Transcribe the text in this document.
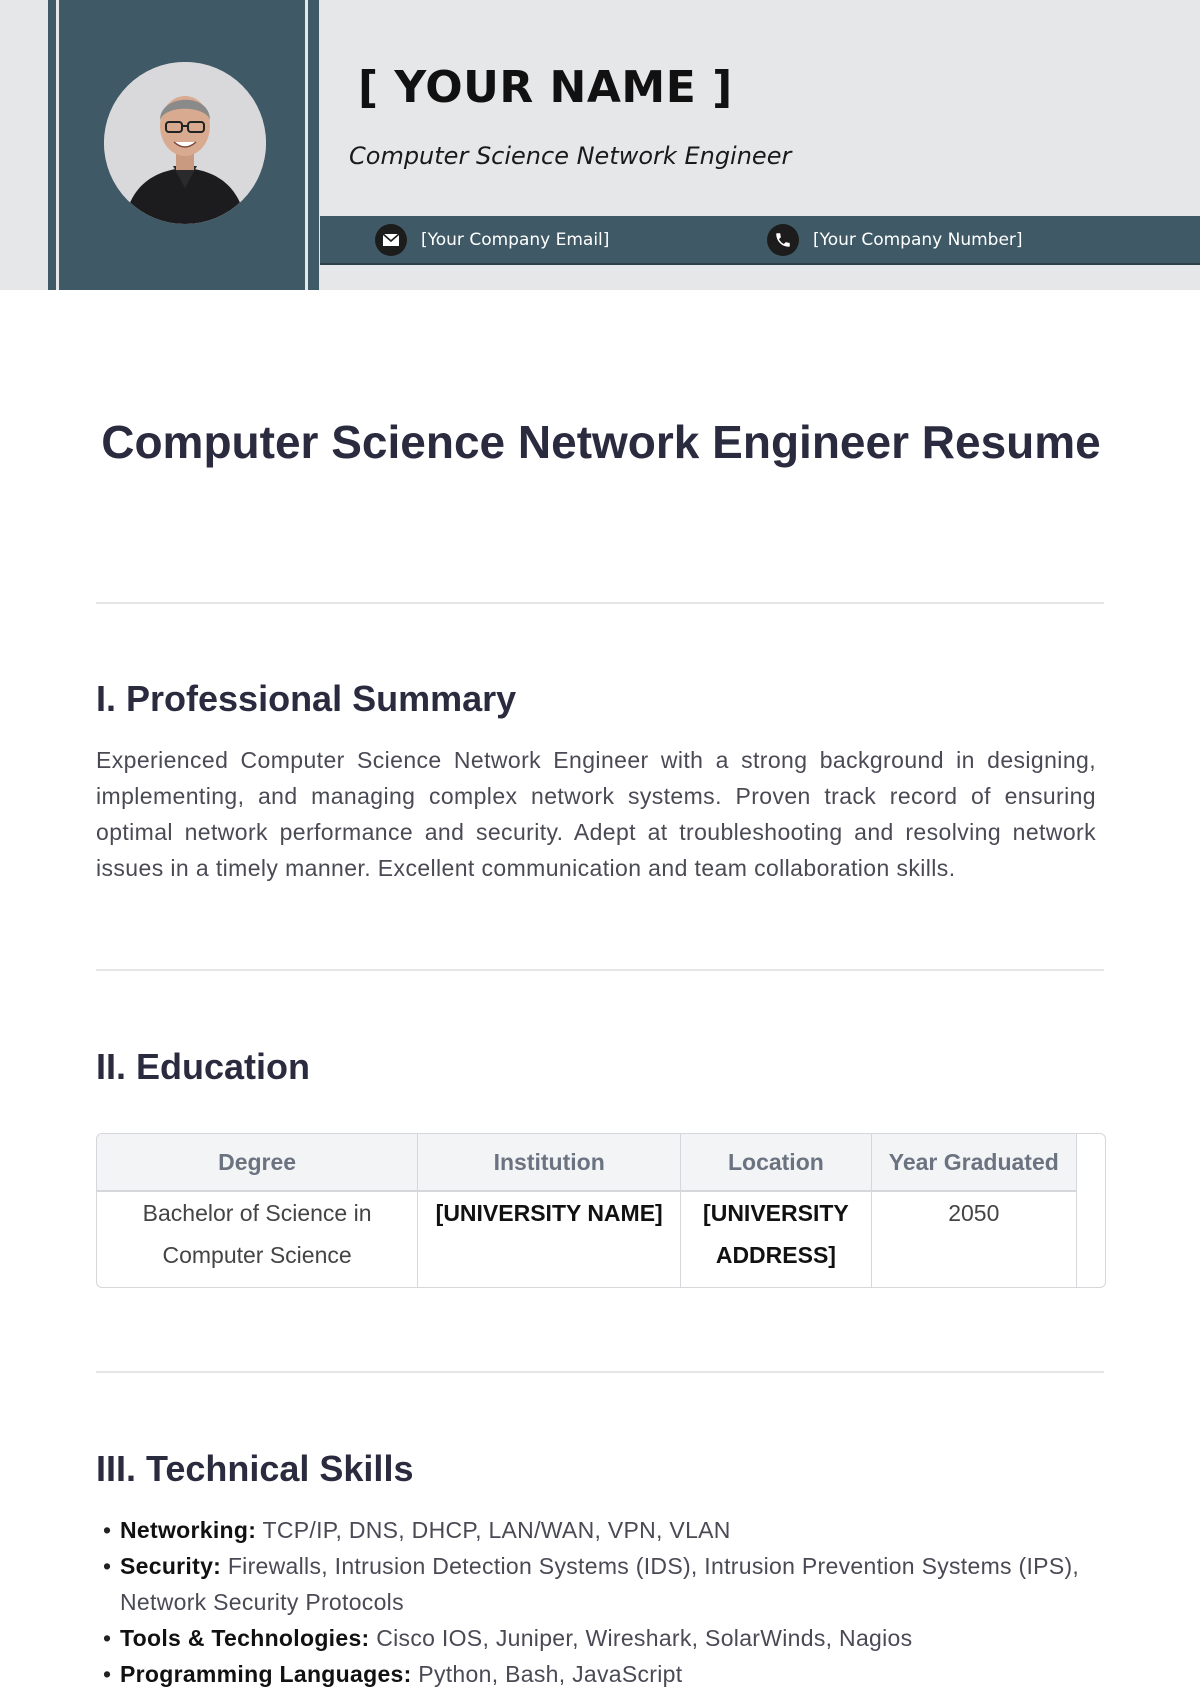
[ YOUR NAME ]
Computer Science Network Engineer
[Your Company Email]	[Your Company Number]
Computer Science Network Engineer Resume
I. Professional Summary
Experienced Computer Science Network Engineer with a strong background in designing, implementing, and managing complex network systems. Proven track record of ensuring optimal network performance and security. Adept at troubleshooting and resolving network issues in a timely manner. Excellent communication and team collaboration skills.
II. Education
Degree	Institution	Location	Year Graduated
Bachelor of Science in Computer Science	[UNIVERSITY NAME]	[UNIVERSITY ADDRESS]	2050
III. Technical Skills
• Networking: TCP/IP, DNS, DHCP, LAN/WAN, VPN, VLAN
• Security: Firewalls, Intrusion Detection Systems (IDS), Intrusion Prevention Systems (IPS), Network Security Protocols
• Tools & Technologies: Cisco IOS, Juniper, Wireshark, SolarWinds, Nagios
• Programming Languages: Python, Bash, JavaScript
